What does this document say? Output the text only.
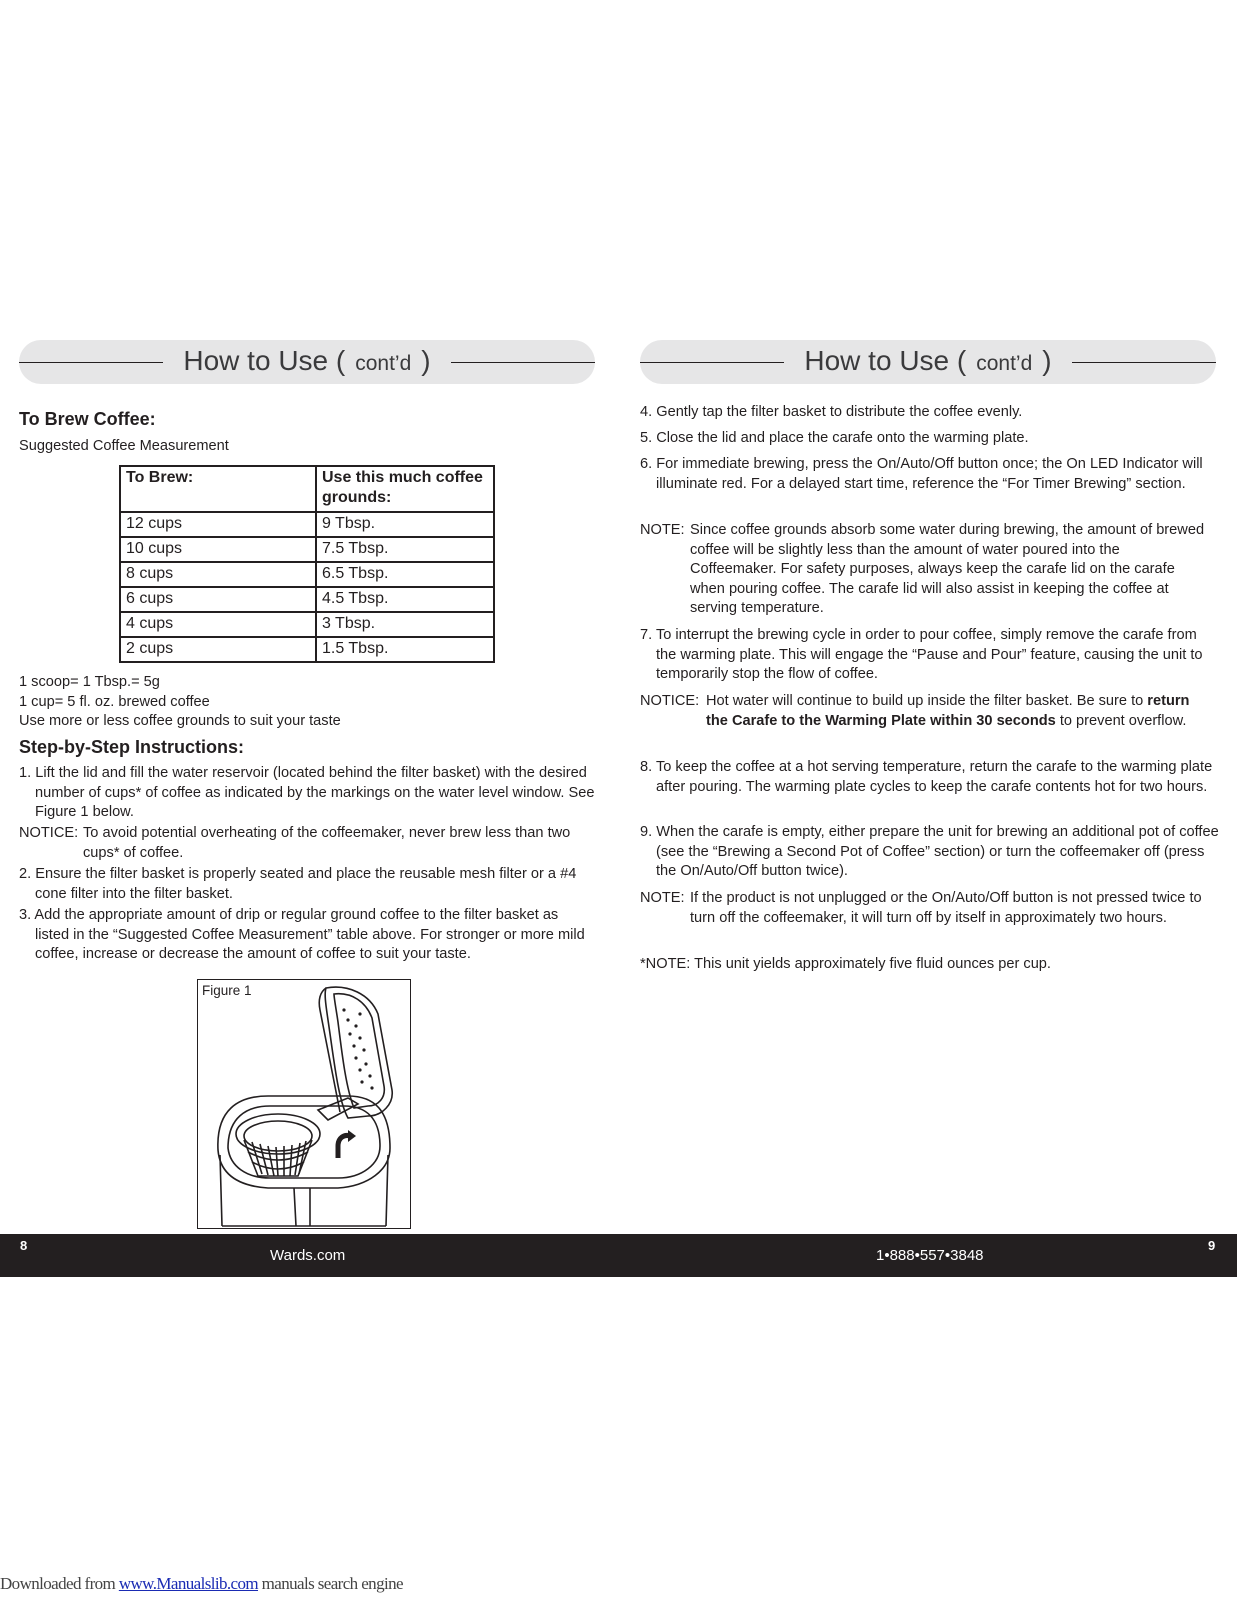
How to Use ( cont’d )
To Brew Coffee:

Suggested Coffee Measurement

To Brew:	Use this much coffee grounds:
12 cups	9 Tbsp.
10 cups	7.5 Tbsp.
8 cups	6.5 Tbsp.
6 cups	4.5 Tbsp.
4 cups	3 Tbsp.
2 cups	1.5 Tbsp.

1 scoop= 1 Tbsp.= 5g

1 cup= 5 fl. oz. brewed coffee

Use more or less coffee grounds to suit your taste

Step-by-Step Instructions:
1. Lift the lid and fill the water reservoir (located behind the filter basket) with the desired number of cups* of coffee as indicated by the markings on the water level window. See Figure 1 below.
NOTICE: To avoid potential overheating of the coffeemaker, never brew less than two cups* of coffee.
2. Ensure the filter basket is properly seated and place the reusable mesh filter or a #4 cone filter into the filter basket.
3. Add the appropriate amount of drip or regular ground coffee to the filter basket as listed in the “Suggested Coffee Measurement” table above. For stronger or more mild coffee, increase or decrease the amount of coffee to suit your taste.
Figure 1
How to Use ( cont’d )
4. Gently tap the filter basket to distribute the coffee evenly.
5. Close the lid and place the carafe onto the warming plate.
6. For immediate brewing, press the On/Auto/Off button once; the On LED Indicator will illuminate red. For a delayed start time, reference the “For Timer Brewing” section.
NOTE: Since coffee grounds absorb some water during brewing, the amount of brewed coffee will be slightly less than the amount of water poured into the Coffeemaker. For safety purposes, always keep the carafe lid on the carafe when pouring coffee. The carafe lid will also assist in keeping the coffee at serving temperature.
7. To interrupt the brewing cycle in order to pour coffee, simply remove the carafe from the warming plate. This will engage the “Pause and Pour” feature, causing the unit to temporarily stop the flow of coffee.
NOTICE: Hot water will continue to build up inside the filter basket. Be sure to return the Carafe to the Warming Plate within 30 seconds to prevent overflow.
8. To keep the coffee at a hot serving temperature, return the carafe to the warming plate after pouring. The warming plate cycles to keep the carafe contents hot for two hours.
9. When the carafe is empty, either prepare the unit for brewing an additional pot of coffee (see the “Brewing a Second Pot of Coffee” section) or turn the coffeemaker off (press the On/Auto/Off button twice).
NOTE: If the product is not unplugged or the On/Auto/Off button is not pressed twice to turn off the coffeemaker, it will turn off by itself in approximately two hours.
*NOTE: This unit yields approximately five fluid ounces per cup.
8
Wards.com	1•888•557•3848
9
Downloaded from www.Manualslib.com manuals search engine
